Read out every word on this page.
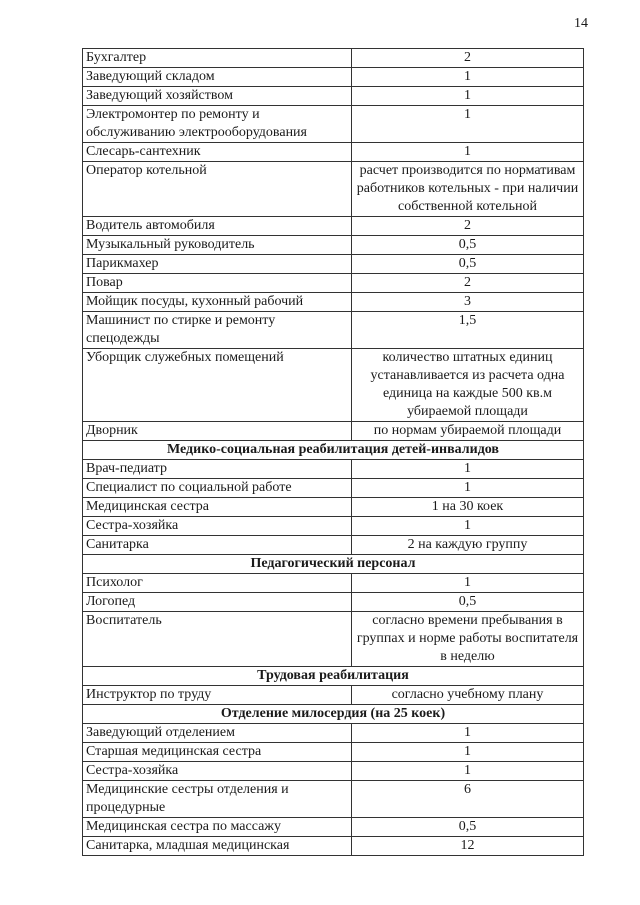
14
Бухгалтер	2
Заведующий складом	1
Заведующий хозяйством	1
Электромонтер по ремонту и обслуживанию электрооборудования	1
Слесарь-сантехник	1
Оператор котельной	расчет производится по нормативам работников котельных - при наличии собственной котельной
Водитель автомобиля	2
Музыкальный руководитель	0,5
Парикмахер	0,5
Повар	2
Мойщик посуды, кухонный рабочий	3
Машинист по стирке и ремонту спецодежды	1,5
Уборщик служебных помещений	количество штатных единиц устанавливается из расчета одна единица на каждые 500 кв.м убираемой площади
Дворник	по нормам убираемой площади
Медико-социальная реабилитация детей-инвалидов	
Врач-педиатр	1
Специалист по социальной работе	1
Медицинская сестра	1 на 30 коек
Сестра-хозяйка	1
Санитарка	2 на каждую группу
Педагогический персонал	
Психолог	1
Логопед	0,5
Воспитатель	согласно времени пребывания в группах и норме работы воспитателя в неделю
Трудовая реабилитация	
Инструктор по труду	согласно учебному плану
Отделение милосердия (на 25 коек)	
Заведующий отделением	1
Старшая медицинская сестра	1
Сестра-хозяйка	1
Медицинские сестры отделения и процедурные	6
Медицинская сестра по массажу	0,5
Санитарка, младшая медицинская	12
